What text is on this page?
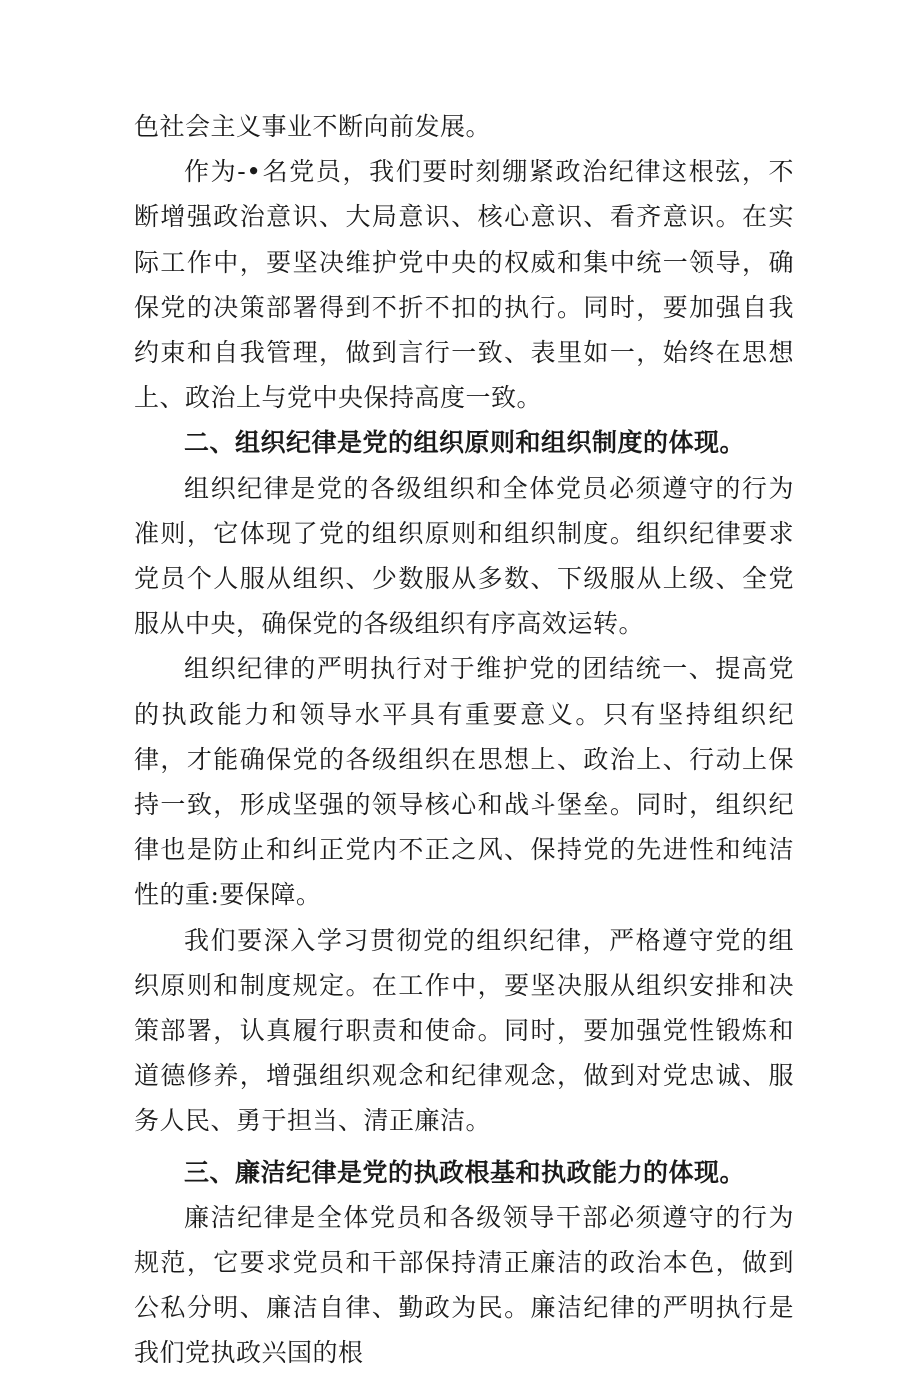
色社会主义事业不断向前发展。

作为-•名党员，我们要时刻绷紧政治纪律这根弦，不断增强政治意识、大局意识、核心意识、看齐意识。在实际工作中，要坚决维护党中央的权威和集中统一领导，确保党的决策部署得到不折不扣的执行。同时，要加强自我约束和自我管理，做到言行一致、表里如一，始终在思想上、政治上与党中央保持高度一致。

二、组织纪律是党的组织原则和组织制度的体现。

组织纪律是党的各级组织和全体党员必须遵守的行为准则，它体现了党的组织原则和组织制度。组织纪律要求党员个人服从组织、少数服从多数、下级服从上级、全党服从中央，确保党的各级组织有序高效运转。

组织纪律的严明执行对于维护党的团结统一、提高党的执政能力和领导水平具有重要意义。只有坚持组织纪律，才能确保党的各级组织在思想上、政治上、行动上保持一致，形成坚强的领导核心和战斗堡垒。同时，组织纪律也是防止和纠正党内不正之风、保持党的先进性和纯洁性的重:要保障。

我们要深入学习贯彻党的组织纪律，严格遵守党的组织原则和制度规定。在工作中，要坚决服从组织安排和决策部署，认真履行职责和使命。同时，要加强党性锻炼和道德修养，增强组织观念和纪律观念，做到对党忠诚、服务人民、勇于担当、清正廉洁。

三、廉洁纪律是党的执政根基和执政能力的体现。

廉洁纪律是全体党员和各级领导干部必须遵守的行为规范，它要求党员和干部保持清正廉洁的政治本色，做到公私分明、廉洁自律、勤政为民。廉洁纪律的严明执行是我们党执政兴国的根
